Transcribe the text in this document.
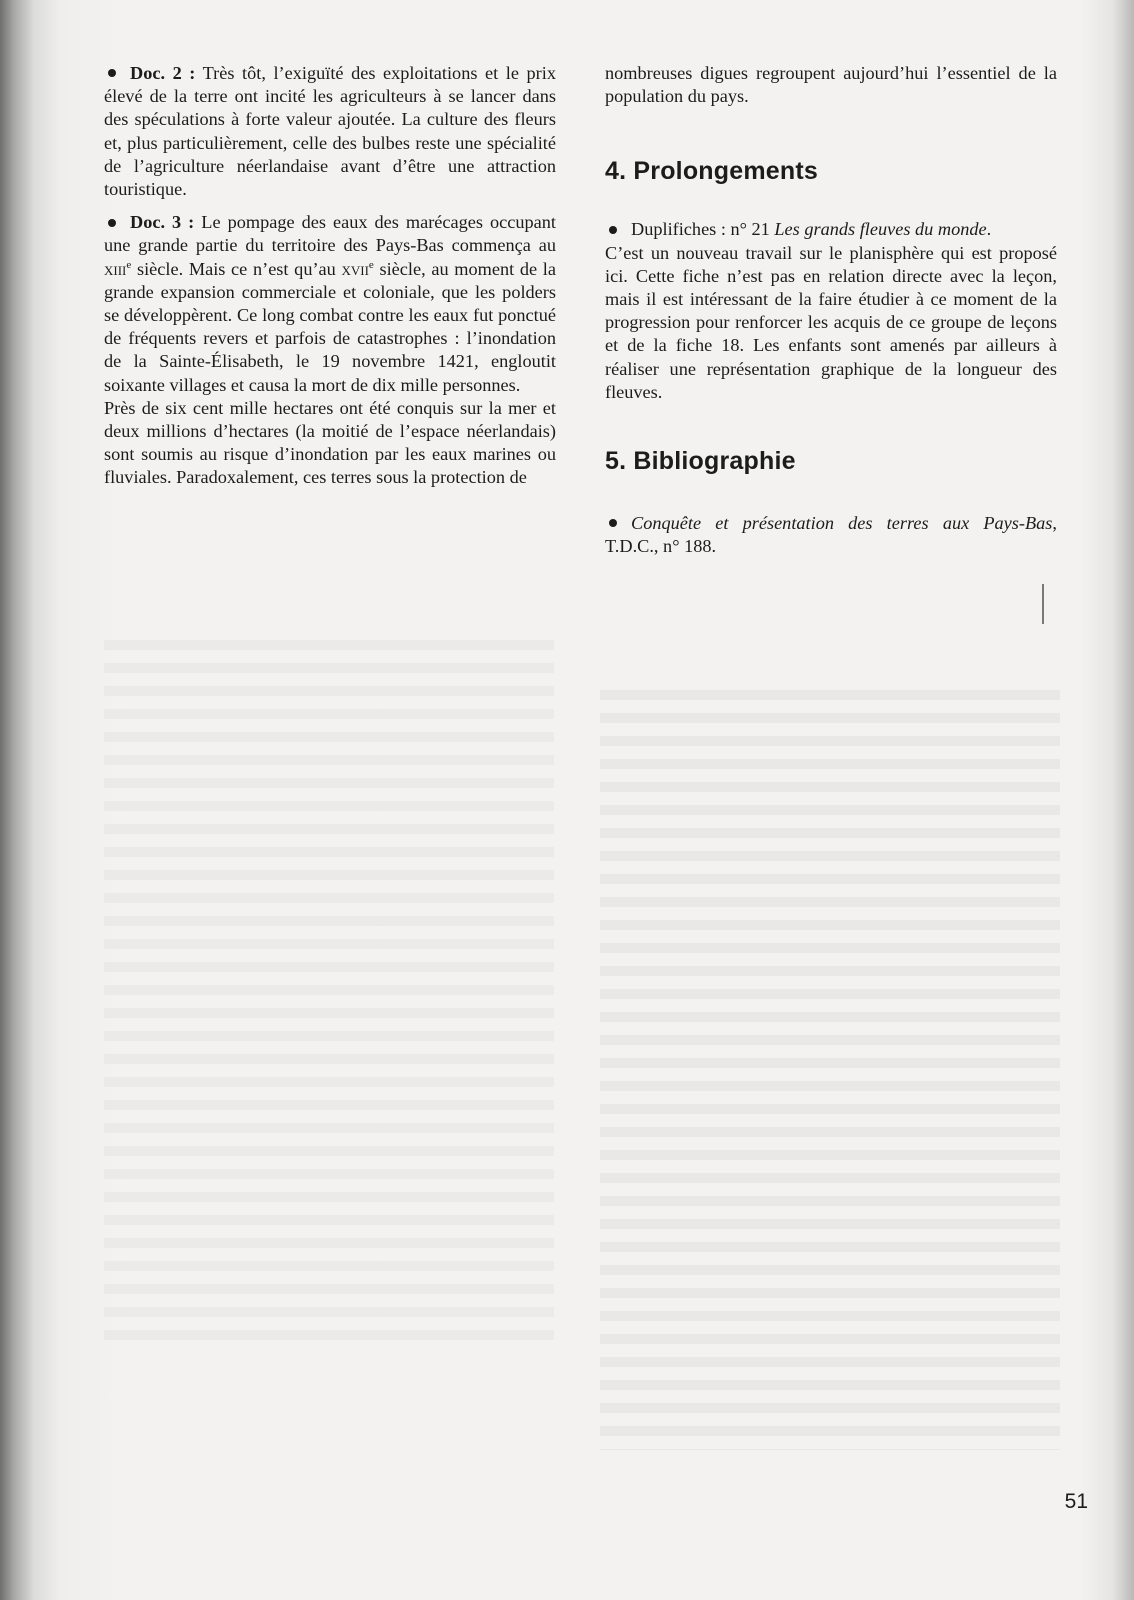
Doc. 2 : Très tôt, l’exiguïté des exploitations et le prix élevé de la terre ont incité les agriculteurs à se lancer dans des spéculations à forte valeur ajoutée. La culture des fleurs et, plus particulièrement, celle des bulbes reste une spécialité de l’agriculture néerlandaise avant d’être une attraction touristique.

Doc. 3 : Le pompage des eaux des marécages occupant une grande partie du territoire des Pays-Bas commença au xiii$^e$ siècle. Mais ce n’est qu’au xvii$^e$ siècle, au moment de la grande expansion commerciale et coloniale, que les polders se développèrent. Ce long combat contre les eaux fut ponctué de fréquents revers et parfois de catastrophes : l’inondation de la Sainte-Élisabeth, le 19 novembre 1421, engloutit soixante villages et causa la mort de dix mille personnes.

Près de six cent mille hectares ont été conquis sur la mer et deux millions d’hectares (la moitié de l’espace néerlandais) sont soumis au risque d’inondation par les eaux marines ou fluviales. Paradoxalement, ces terres sous la protection de

nombreuses digues regroupent aujourd’hui l’essentiel de la population du pays.

4. Prolongements

Duplifiches : n° 21 Les grands fleuves du monde.

C’est un nouveau travail sur le planisphère qui est proposé ici. Cette fiche n’est pas en relation directe avec la leçon, mais il est intéressant de la faire étudier à ce moment de la progression pour renforcer les acquis de ce groupe de leçons et de la fiche 18. Les enfants sont amenés par ailleurs à réaliser une représentation graphique de la longueur des fleuves.

5. Bibliographie

Conquête et présentation des terres aux Pays-Bas, T.D.C., n° 188.

51
